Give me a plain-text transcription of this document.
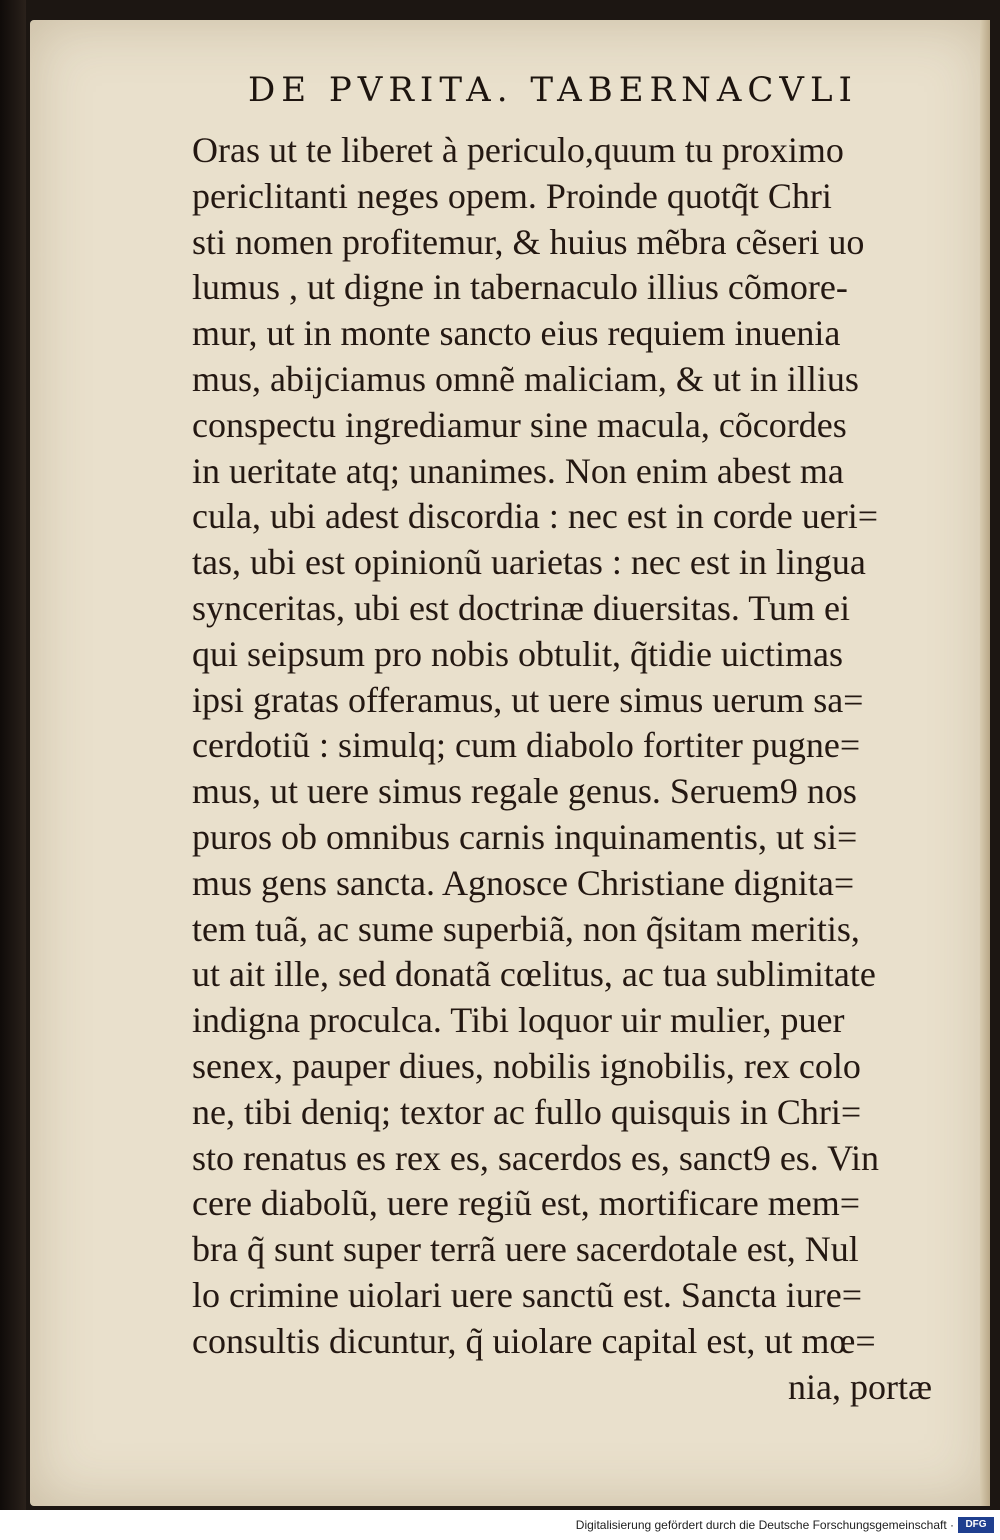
DE PVRITA. TABERNACVLI
Oras ut te liberet à periculo,quum tu proximo
periclitanti neges opem. Proinde quotq̃t Chri
sti nomen profitemur, & huius mẽbra cẽseri uo
lumus , ut digne in tabernaculo illius cõmore-
mur, ut in monte sancto eius requiem inuenia
mus, abijciamus omnẽ maliciam, & ut in illius
conspectu ingrediamur sine macula, cõcordes
in ueritate atq; unanimes. Non enim abest ma
cula, ubi adest discordia : nec est in corde ueri=
tas, ubi est opinionũ uarietas : nec est in lingua
synceritas, ubi est doctrinæ diuersitas. Tum ei
qui seipsum pro nobis obtulit, q̃tidie uictimas
ipsi gratas offeramus, ut uere simus uerum sa=
cerdotiũ : simulq; cum diabolo fortiter pugne=
mus, ut uere simus regale genus. Seruem9 nos
puros ob omnibus carnis inquinamentis, ut si=
mus gens sancta. Agnosce Christiane dignita=
tem tuã, ac sume superbiã, non q̃sitam meritis,
ut ait ille, sed donatã cœlitus, ac tua sublimitate
indigna proculca. Tibi loquor uir mulier, puer
senex, pauper diues, nobilis ignobilis, rex colo
ne, tibi deniq; textor ac fullo quisquis in Chri=
sto renatus es rex es, sacerdos es, sanct9 es. Vin
cere diabolũ, uere regiũ est, mortificare mem=
bra q̃ sunt super terrã uere sacerdotale est, Nul
lo crimine uiolari uere sanctũ est. Sancta iure=
consultis dicuntur, q̃ uiolare capital est, ut mœ=
nia, portæ
Digitalisierung gefördert durch die Deutsche Forschungsgemeinschaft ·	DFG
